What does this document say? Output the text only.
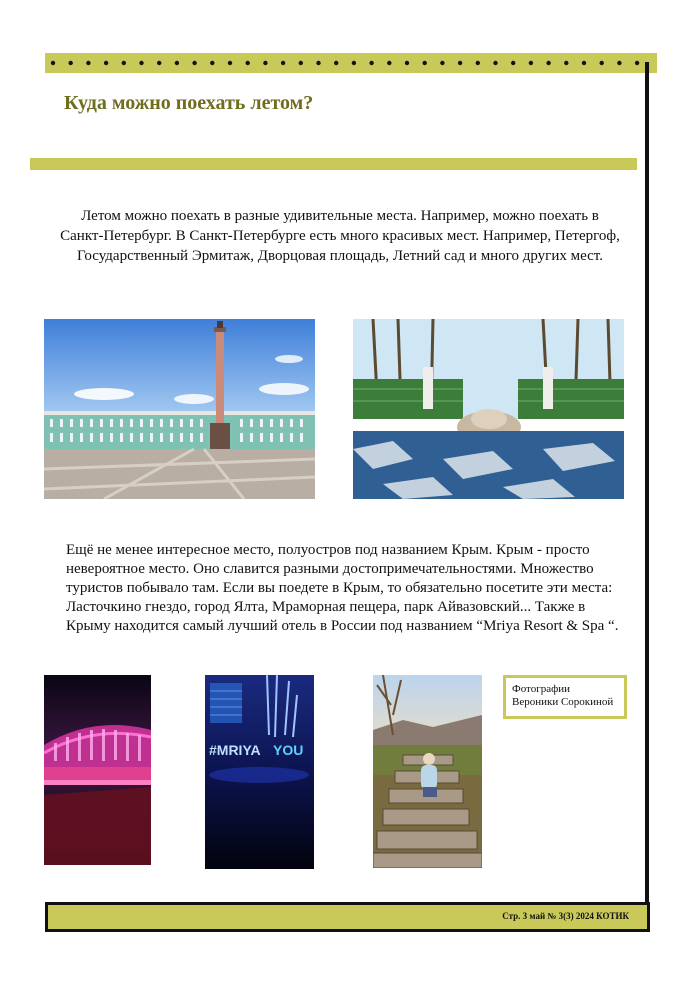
Куда можно поехать летом?
Летом можно поехать в разные удивительные места. Например, можно поехать в Санкт-Петербург. В Санкт-Петербурге есть много красивых мест. Например, Петергоф, Государственный Эрмитаж, Дворцовая площадь, Летний сад и много других мест.
Ещё не менее интересное место, полуостров под названием Крым. Крым - просто невероятное место. Оно славится разными достопримечательностями. Множество туристов побывало там. Если вы поедете в Крым, то обязательно посетите эти места: Ласточкино гнездо, город Ялта, Мраморная пещера, парк Айвазовский... Также в Крыму находится самый лучший отель в России под названием “Mriya Resort & Spa “.
#MRIYA YOU
Фотографии Вероники Сорокиной
Стр. 3 май № 3(3) 2024 КОТИК
